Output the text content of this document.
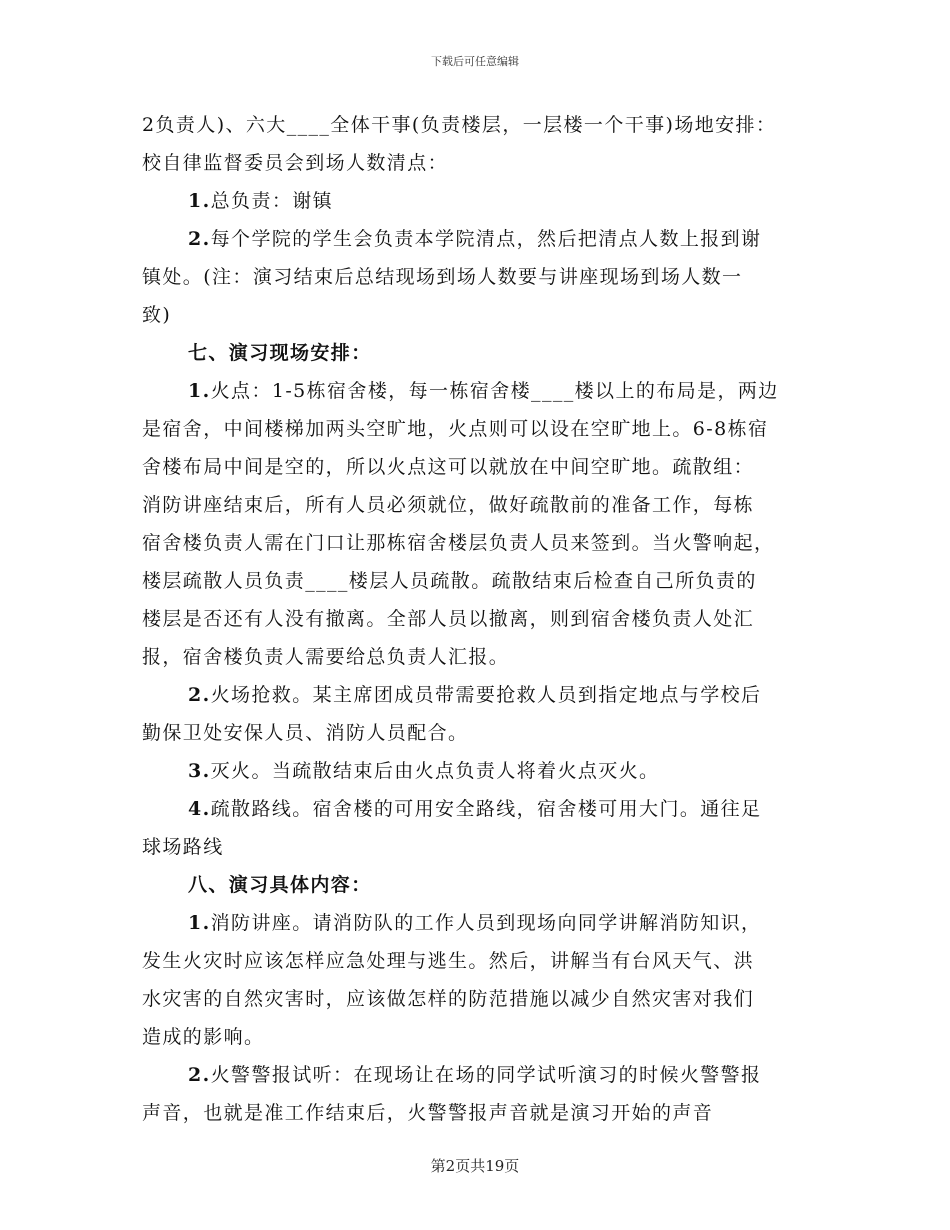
下载后可任意编辑
2负责人)、六大____全体干事(负责楼层，一层楼一个干事)场地安排：
校自律监督委员会到场人数清点：
1.总负责：谢镇
2.每个学院的学生会负责本学院清点，然后把清点人数上报到谢
镇处。(注：演习结束后总结现场到场人数要与讲座现场到场人数一
致)
七、演习现场安排：
1.火点：1-5栋宿舍楼，每一栋宿舍楼____楼以上的布局是，两边
是宿舍，中间楼梯加两头空旷地，火点则可以设在空旷地上。6-8栋宿
舍楼布局中间是空的，所以火点这可以就放在中间空旷地。疏散组：
消防讲座结束后，所有人员必须就位，做好疏散前的准备工作，每栋
宿舍楼负责人需在门口让那栋宿舍楼层负责人员来签到。当火警响起，
楼层疏散人员负责____楼层人员疏散。疏散结束后检查自己所负责的
楼层是否还有人没有撤离。全部人员以撤离，则到宿舍楼负责人处汇
报，宿舍楼负责人需要给总负责人汇报。
2.火场抢救。某主席团成员带需要抢救人员到指定地点与学校后
勤保卫处安保人员、消防人员配合。
3.灭火。当疏散结束后由火点负责人将着火点灭火。
4.疏散路线。宿舍楼的可用安全路线，宿舍楼可用大门。通往足
球场路线
八、演习具体内容：
1.消防讲座。请消防队的工作人员到现场向同学讲解消防知识，
发生火灾时应该怎样应急处理与逃生。然后，讲解当有台风天气、洪
水灾害的自然灾害时，应该做怎样的防范措施以减少自然灾害对我们
造成的影响。
2.火警警报试听：在现场让在场的同学试听演习的时候火警警报
声音，也就是准工作结束后，火警警报声音就是演习开始的声音
第2页共19页
